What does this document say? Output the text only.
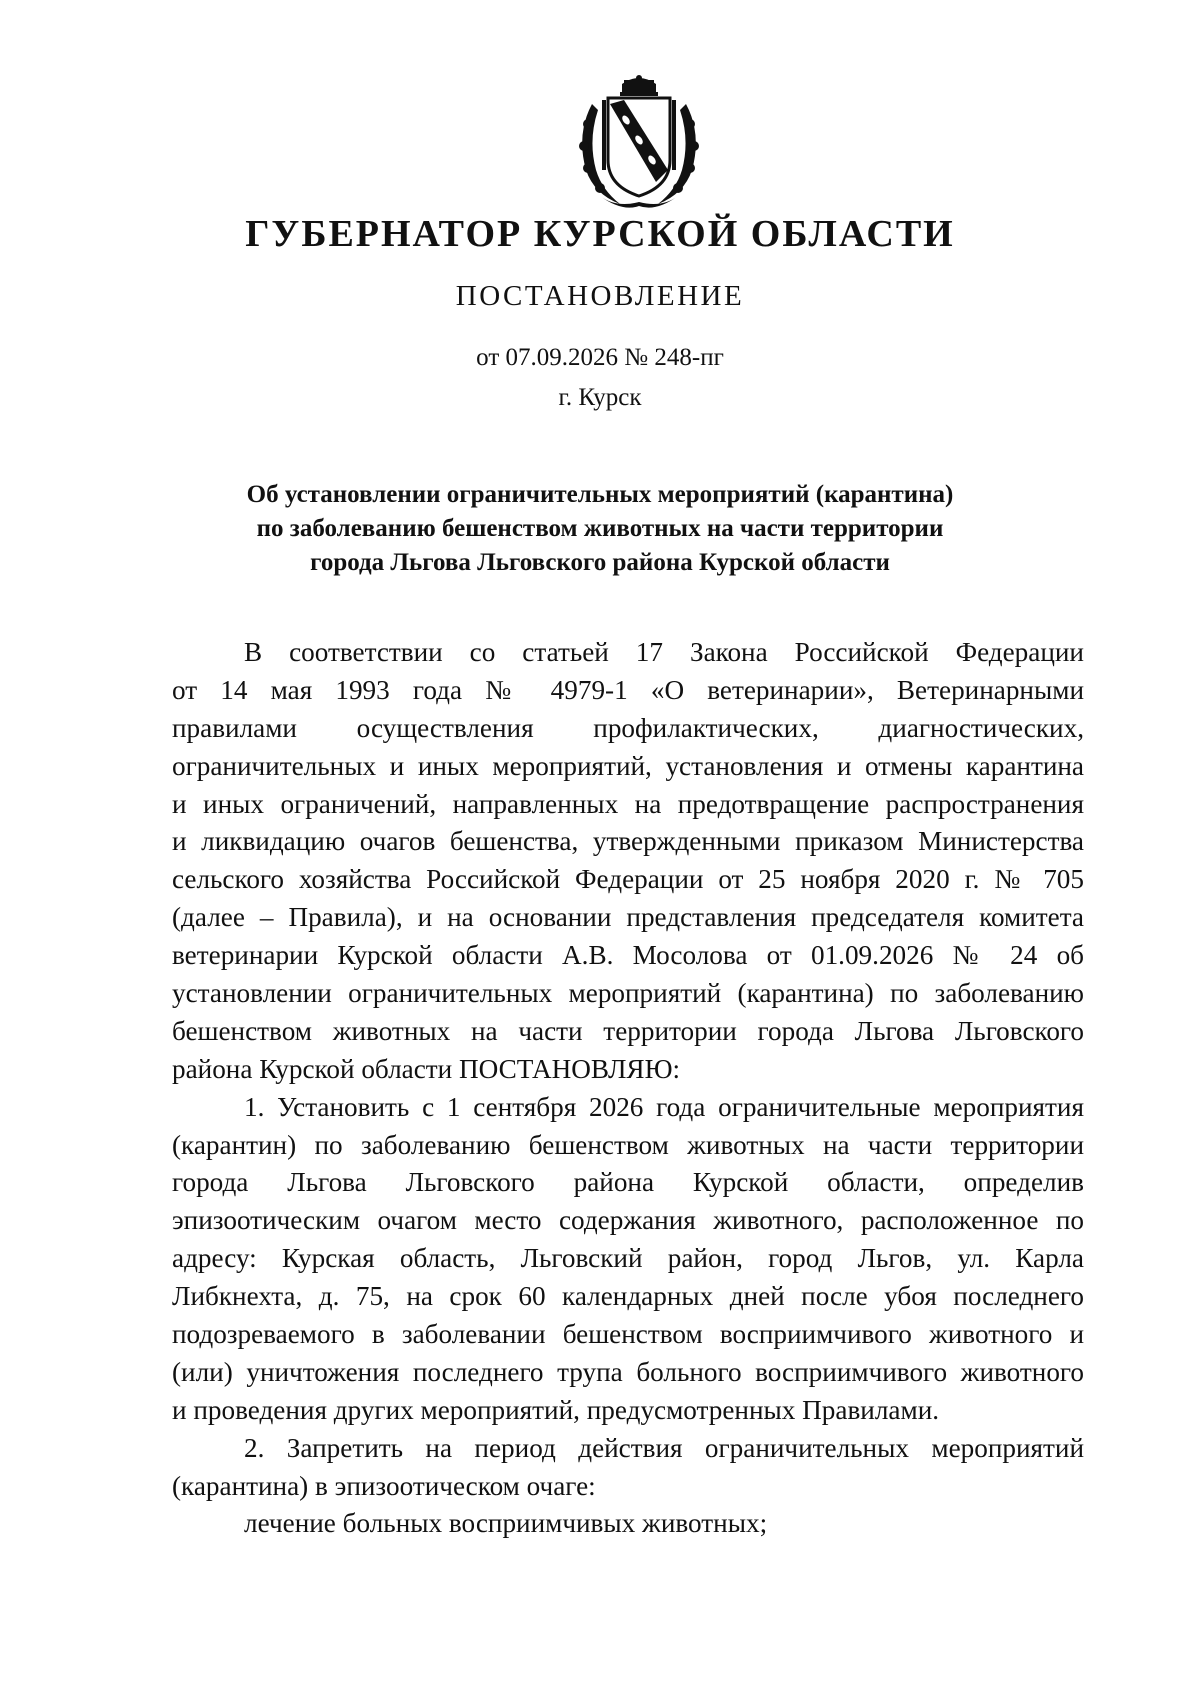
ГУБЕРНАТОР КУРСКОЙ ОБЛАСТИ
ПОСТАНОВЛЕНИЕ
от 07.09.2026 № 248-пг
г. Курск
Об установлении ограничительных мероприятий (карантина)
по заболеванию бешенством животных на части территории
города Льгова Льговского района Курской области
В соответствии со статьей 17 Закона Российской Федерации
от 14 мая 1993 года № 4979-1 «О ветеринарии», Ветеринарными
правилами осуществления профилактических, диагностических,
ограничительных и иных мероприятий, установления и отмены карантина
и иных ограничений, направленных на предотвращение распространения
и ликвидацию очагов бешенства, утвержденными приказом Министерства
сельского хозяйства Российской Федерации от 25 ноября 2020 г. № 705
(далее – Правила), и на основании представления председателя комитета
ветеринарии Курской области А.В. Мосолова от 01.09.2026 № 24 об
установлении ограничительных мероприятий (карантина) по заболеванию
бешенством животных на части территории города Льгова Льговского
района Курской области ПОСТАНОВЛЯЮ:
1. Установить с 1 сентября 2026 года ограничительные мероприятия
(карантин) по заболеванию бешенством животных на части территории
города Льгова Льговского района Курской области, определив
эпизоотическим очагом место содержания животного, расположенное по
адресу: Курская область, Льговский район, город Льгов, ул. Карла
Либкнехта, д. 75, на срок 60 календарных дней после убоя последнего
подозреваемого в заболевании бешенством восприимчивого животного и
(или) уничтожения последнего трупа больного восприимчивого животного
и проведения других мероприятий, предусмотренных Правилами.
2. Запретить на период действия ограничительных мероприятий
(карантина) в эпизоотическом очаге:
лечение больных восприимчивых животных;
